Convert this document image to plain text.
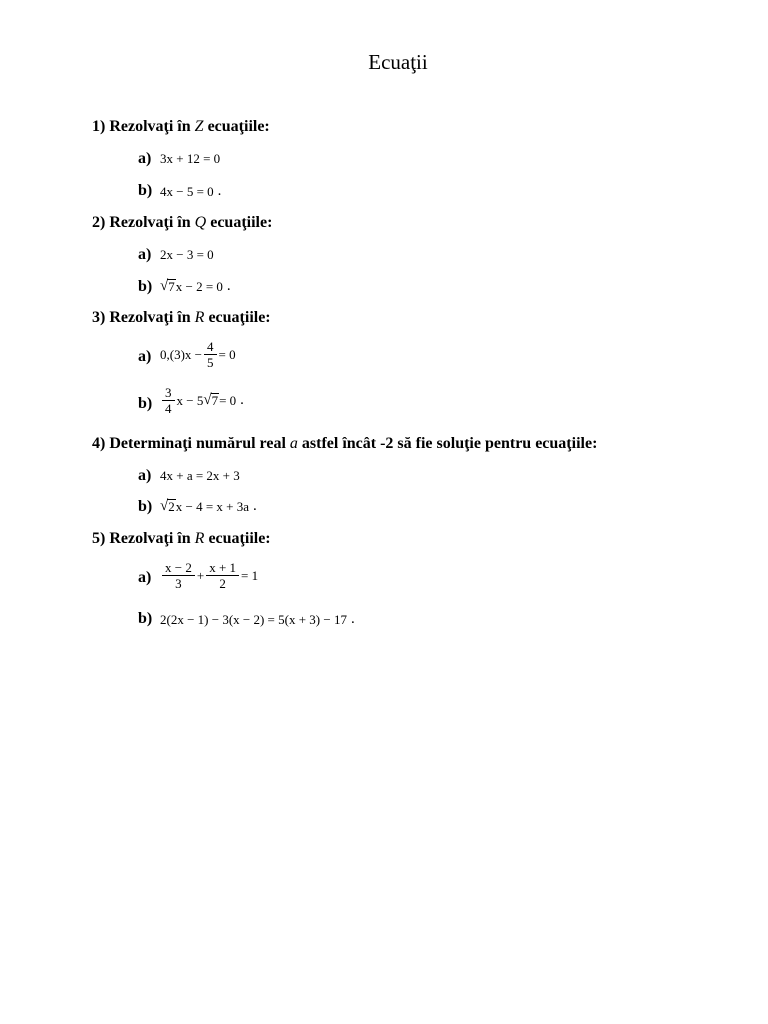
Ecuaţii
1) Rezolvaţi în Z ecuaţiile:
a) 3x + 12 = 0
b) 4x − 5 = 0 .
2) Rezolvaţi în Q ecuaţiile:
a) 2x − 3 = 0
b) √ 7 x − 2 = 0 .
3) Rezolvaţi în R ecuaţiile:
a) $0,(3)x - \frac{4}{5} = 0$
$b) \frac{3}{4}$ x − 5 √ 7 = 0 .
4) Determinaţi numărul real a astfel încât -2 să fie soluţie pentru ecuaţiile:
a) 4x + a = 2x + 3
b) √ 2 x − 4 = x + 3a .
5) Rezolvaţi în R ecuaţiile:
$a) \frac{x - 2}{3} + \frac{x + 1}{2} = 1$
b) 2(2x − 1) − 3(x − 2) = 5(x + 3) − 17 .
